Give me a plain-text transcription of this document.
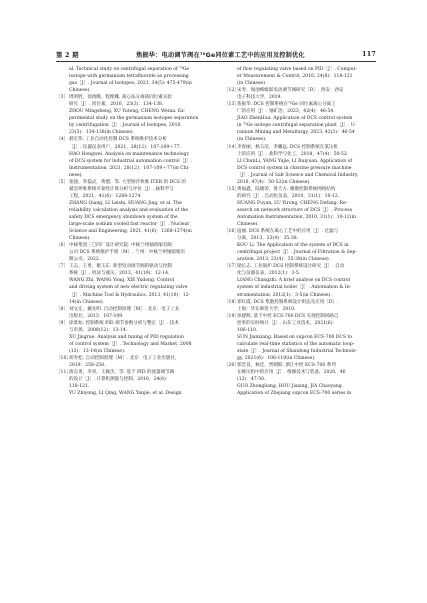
第 2 期	焦振华：电动调节阀在⁷⁰Ge同位素工艺中的应用及控制优化	117
al. Technical study on centrifugal separation of ⁷⁰Ge
isotope with germanium tetrafluoride as processing
gas［J］. Journal of Isotopes, 2021, 34(5): 475-479(in
Chinese).
［3］ 周明胜，徐禹腾，程维娜. 离心法分离锗同位素实验

研究［J］. 同位素，2010，23(3)：134-138.

ZHOU Mingsheng, XU Yuteng, CHENG Weina. Ex-

perimental study on the germanium isotopes separation

by centrifugation［J］. Journal of Isotopes, 2010,

23(3)：134-138(in Chinese).

［4］ 郝宏伟. 工业自动化控制 DCS 系统维护技术分析

［J］. 仪器仪表用户，2021，28(12)：107-109＋77.

HAO Hongwei. Analysis on maintenance technology

of DCS system for industrial automation control［J］.

Instrumentation, 2021, 28(12)：107-109＋77(in Chi-

nese).

［5］ 张强，李磊灵，黄德，等. 大型钠冷快堆 ITER 的 DCS 的

紧急停堆系统可靠性计算分析与评价［J］. 核科学与

工程，2021，41(6)：1268-1274.

ZHANG Qiang, LI Leishi, HUANG Jing, et al. The

reliability calculation analysis and evaluation of the

safety DCS emergency shutdown system of the

large-scale sodium cooled fast reactor［J］. Nuclear

Science and Engineering, 2021, 41(6)：1268-1274(in

Chinese).

［6］ 中核集团三〇四厂设计研究院. 中核兰州铀浓缩有限

公司 DCS 系统维护手册［M］. 兰州：中核兰州铀浓缩有

限公司，2022.

［7］ 王志，王勇，谢玉东. 新型电动调节阀的驱动与控制

系统［J］. 机床与液压，2013，41(19)：12-14.

WANG Zhi, WANG Yong, XIE Yudong. Control

and driving system of new electric regulating valve

［J］. Machine Tool & Hydraulics, 2013, 41(19)：12-

14(in Chinese).

［8］ 刘文定，戴先明. 自动控制原理［M］. 北京：电子工业

出版社，2013：107-109.

［9］ 徐景如. 控制系统 PID 调节参数分析与整定［J］. 技术

与市场，2008(12)：13-14.

XU Jingrue. Analysis and tuning of PID regulation

of control system［J］. Technology and Market, 2008

(12)：13-14(in Chinese).

［10］

胡寿松. 自动控制原理［M］. 北京：电子工业出版社，

2019：258-258.

［11］

俞志勇，李青，王佩杰，等. 基于 PID 的流量调节阀

的设计［J］. 计算机测量与控制，2016，24(8)：

118-121.

YU Zhiyong, LI Qing, WANG Yanjie, et al. Design

of flow regulating valve based on PID［J］. Comput-
er Measurement & Control, 2016, 24(8)：118-121
(in Chinese).
［12］

宋寿，锡池细级联电动调节阀研究［D］. 西安：西安

电子科技大学，2019.

［13］

焦振华. DCS 控制系统在⁷⁰Ge 同位素离心分离工

厂的应用［J］. 铀矿冶，2023，42(4)：46-54.

JIAO ZhenHua. Application of DCS control system

in ⁷⁰Ge isotope centrifugal separation plant［J］. U-

ranium Mining and Metallurgy, 2023, 42(3)：46-54

(in Chinese).

［14］

李春丽，杨玉洁，李曦远. DCS 控制系统在氯压机

上的应用［J］. 盐科学与化工，2018，47(4)：50-52.

LI ChunLi, YANG Yujie, LI Ruiyuan. Application of

DCS control system in chlorine pressure machine

［J］. Journal of Salt Science and Chemical Industry,

2018, 47(4)：50-52(in Chinese).

［15］

黄福鑫，陆晓荣，鲁天方. 聚散控制系统网络结构

的研究［J］. 自动化仪表，2010，31(1)：10-12.

HUANG Fuyan, LU Yirong, CHENG Defang. Re-

search on network structure of DCS［J］. Process

Automation Instrumentation, 2010, 31(1)：10-12(in

Chinese).

［16］

寇丽. DCS 系统在离心工艺中的应用［J］. 过滤与

分离，2013，23(4)：35-38.

KOU Li. The Application of the system of DCS in

centrifugal project［J］. Journal of Filtration & Sep-

aration, 2013, 23(4)：35-38(in Chinese).

［17］

梁长志. 工业锅炉 DCS 控制系统设计研究［J］. 自动

化与仪器仪表，2012(1)：3-5.

LIANG Changzhi. A brief analyse on DCS control

system of industrial boiler［J］. Automation & In-

strumentation, 2012(1)：3-5(in Chinese).

［18］

邓红霞. DCS 集散控制系统设计组态及应用［D］.

上海：华东师范大学，2010.

［19］

孙建辉. 基于中控 ECS-700 DCS 实现控制回路自

控率的实时统计［J］. 山东工业技术，2021(6)：

106-110.

SUN Jianxiang. Based on supcon ECS-700 DCS to

calculate real-time statistics of the automatic loop-

state［J］. Journal of Shandong Industrial Technolo-

gy, 2021(6)：106-110(in Chinese).

［20］

郭恋良，候佳，贾朝阳. 浙江中控 ECS-700 系列

在蜂压机中的应用［J］. 维修技术与装备，2020，46

(12)：47-50.

GUO Zhongliang, HOU Jiaxing, JIA Chaoyang.

Application of Zhejiang supcon ECS-700 series in
